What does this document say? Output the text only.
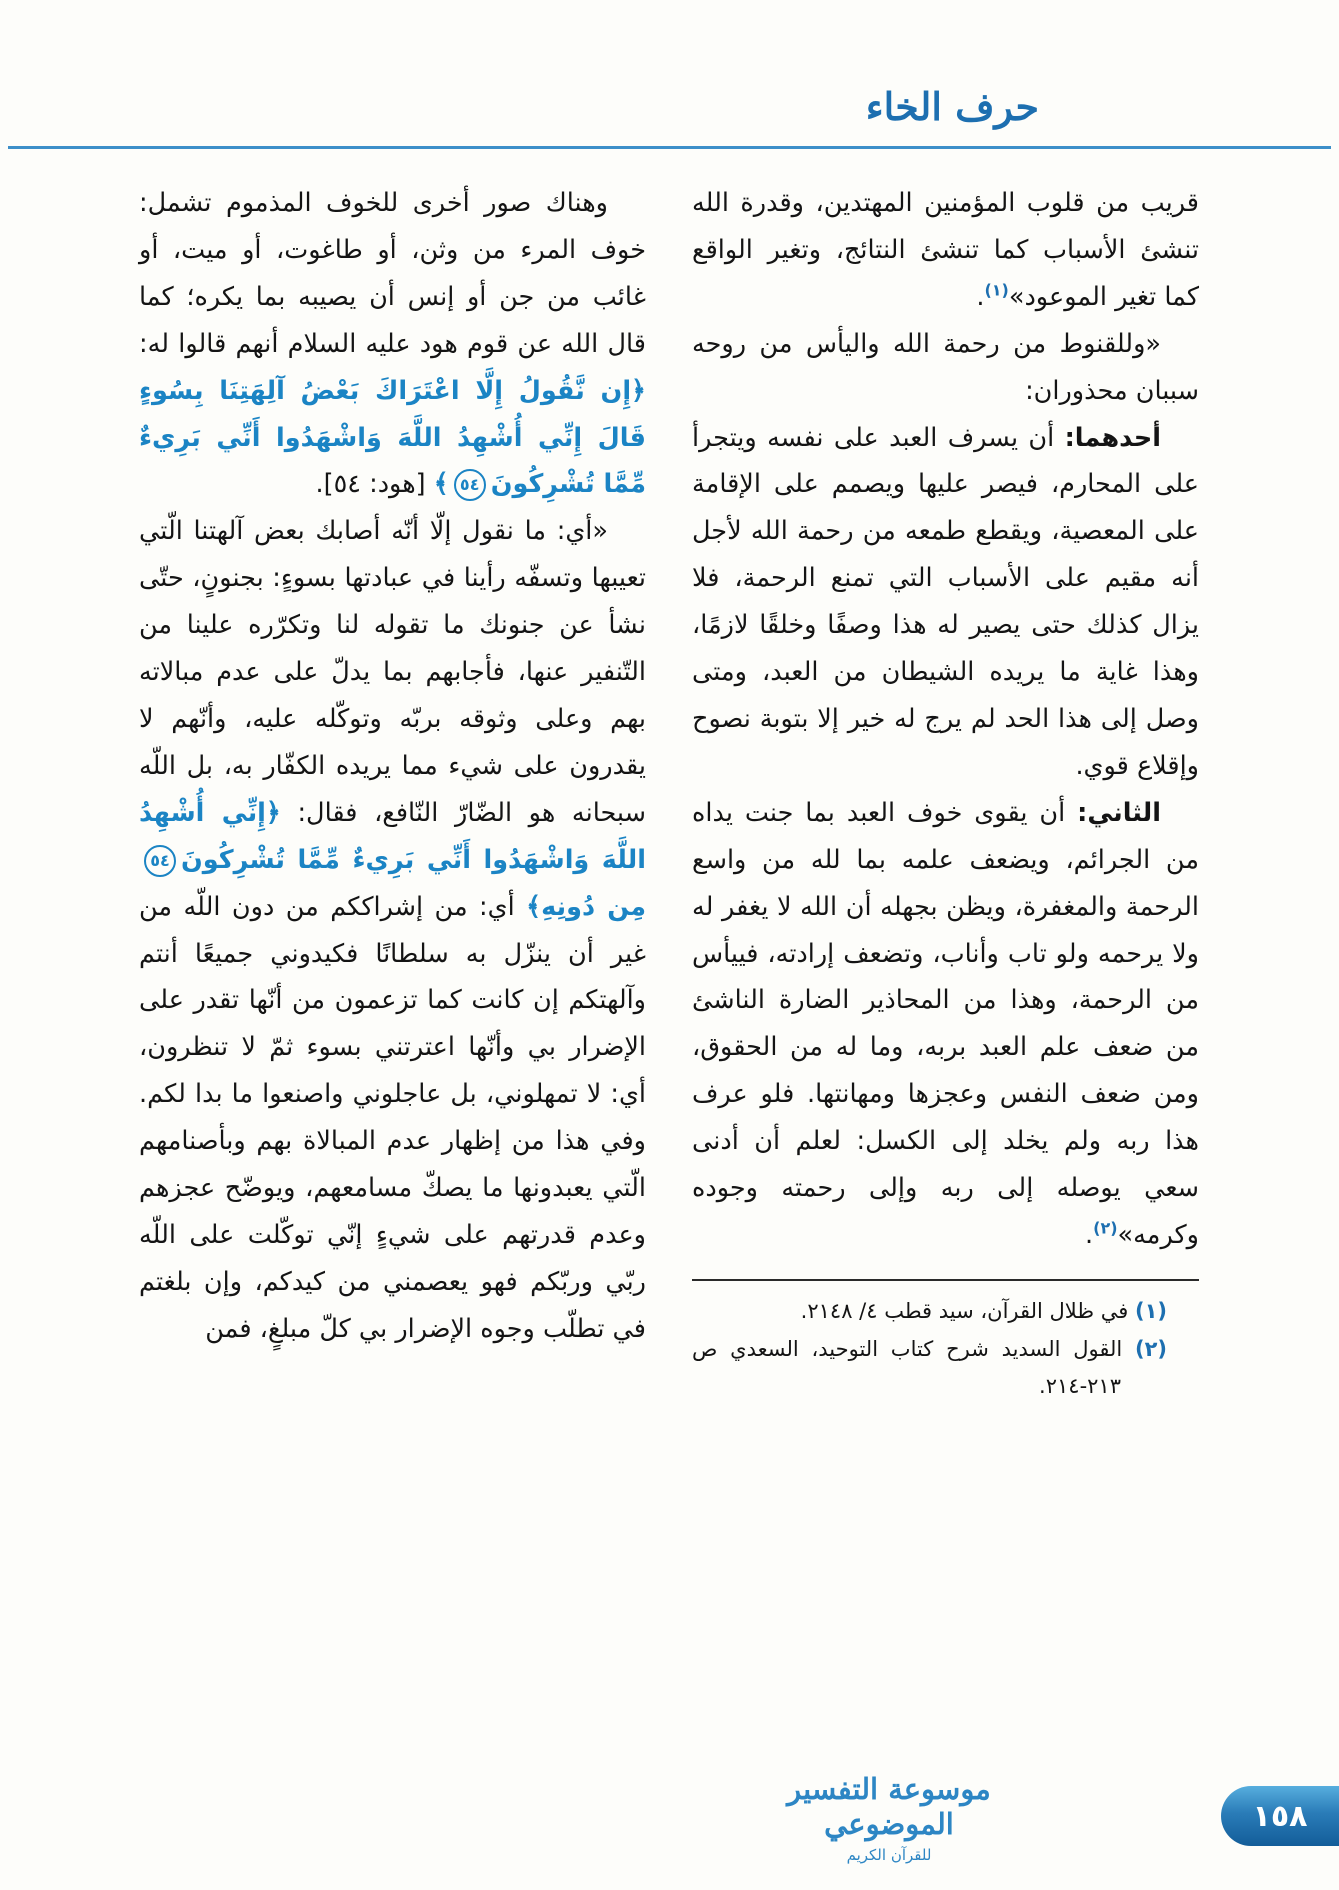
حرف الخاء

قريب من قلوب المؤمنين المهتدين، وقدرة الله تنشئ الأسباب كما تنشئ النتائج، وتغير الواقع كما تغير الموعود»$^{(١)}$.

«وللقنوط من رحمة الله واليأس من روحه سببان محذوران:

أحدهما: أن يسرف العبد على نفسه ويتجرأ على المحارم، فيصر عليها ويصمم على الإقامة على المعصية، ويقطع طمعه من رحمة الله لأجل أنه مقيم على الأسباب التي تمنع الرحمة، فلا يزال كذلك حتى يصير له هذا وصفًا وخلقًا لازمًا، وهذا غاية ما يريده الشيطان من العبد، ومتى وصل إلى هذا الحد لم يرج له خير إلا بتوبة نصوح وإقلاع قوي.

الثاني: أن يقوى خوف العبد بما جنت يداه من الجرائم، ويضعف علمه بما لله من واسع الرحمة والمغفرة، ويظن بجهله أن الله لا يغفر له ولا يرحمه ولو تاب وأناب، وتضعف إرادته، فييأس من الرحمة، وهذا من المحاذير الضارة الناشئ من ضعف علم العبد بربه، وما له من الحقوق، ومن ضعف النفس وعجزها ومهانتها. فلو عرف هذا ربه ولم يخلد إلى الكسل: لعلم أن أدنى سعي يوصله إلى ربه وإلى رحمته وجوده وكرمه»$^{(٢)}$.

(١) في ظلال القرآن، سيد قطب ٤/ ٢١٤٨.
(٢) القول السديد شرح كتاب التوحيد، السعدي ص ٢١٣-٢١٤.

وهناك صور أخرى للخوف المذموم تشمل: خوف المرء من وثن، أو طاغوت، أو ميت، أو غائب من جن أو إنس أن يصيبه بما يكره؛ كما قال الله عن قوم هود عليه السلام أنهم قالوا له: ﴿إِن نَّقُولُ إِلَّا اعْتَرَاكَ بَعْضُ آلِهَتِنَا بِسُوءٍ قَالَ إِنِّي أُشْهِدُ اللَّهَ وَاشْهَدُوا أَنِّي بَرِيءٌ مِّمَّا تُشْرِكُونَ٥٤﴾ [هود: ٥٤].

«أي: ما نقول إلّا أنّه أصابك بعض آلهتنا الّتي تعيبها وتسفّه رأينا في عبادتها بسوءٍ: بجنونٍ، حتّى نشأ عن جنونك ما تقوله لنا وتكرّره علينا من التّنفير عنها، فأجابهم بما يدلّ على عدم مبالاته بهم وعلى وثوقه بربّه وتوكّله عليه، وأنّهم لا يقدرون على شيء مما يريده الكفّار به، بل اللّه سبحانه هو الضّارّ النّافع، فقال: ﴿إِنِّي أُشْهِدُ اللَّهَ وَاشْهَدُوا أَنِّي بَرِيءٌ مِّمَّا تُشْرِكُونَ٥٤ مِن دُونِهِ﴾ أي: من إشراككم من دون اللّه من غير أن ينزّل به سلطانًا فكيدوني جميعًا أنتم وآلهتكم إن كانت كما تزعمون من أنّها تقدر على الإضرار بي وأنّها اعترتني بسوء ثمّ لا تنظرون، أي: لا تمهلوني، بل عاجلوني واصنعوا ما بدا لكم. وفي هذا من إظهار عدم المبالاة بهم وبأصنامهم الّتي يعبدونها ما يصكّ مسامعهم، ويوضّح عجزهم وعدم قدرتهم على شيءٍ إنّي توكّلت على اللّه ربّي وربّكم فهو يعصمني من كيدكم، وإن بلغتم في تطلّب وجوه الإضرار بي كلّ مبلغٍ، فمن

موسوعة التفسير الموضوعي
للقرآن الكريم
١٥٨
